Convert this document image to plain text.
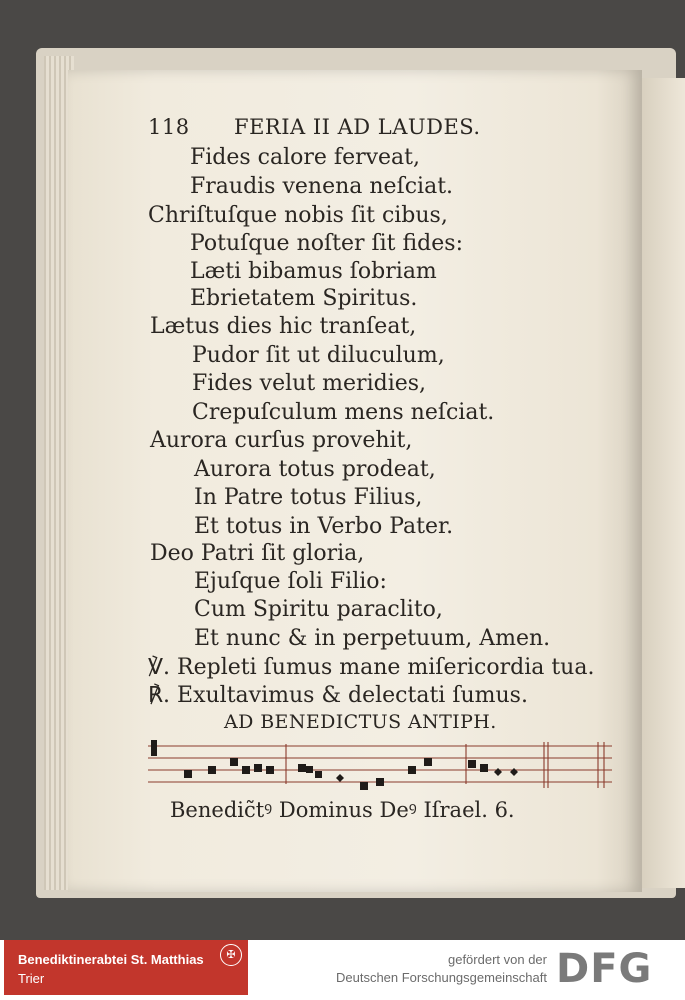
118 FERIA II AD LAUDES.
Fides calore ferveat,
Fraudis venena neſciat.
Chriſtuſque nobis ſit cibus,
Potuſque noſter ſit fides:
Læti bibamus ſobriam
Ebrietatem Spiritus.
Lætus dies hic tranſeat,
Pudor ſit ut diluculum,
Fides velut meridies,
Crepuſculum mens neſciat.
Aurora curſus provehit,
Aurora totus prodeat,
In Patre totus Filius,
Et totus in Verbo Pater.
Deo Patri ſit gloria,
Ejuſque ſoli Filio:
Cum Spiritu paraclito,
Et nunc & in perpetuum, Amen.
℣. Repleti ſumus mane miſericordia tua.
℟. Exultavimus & delectati ſumus.
AD BENEDICTUS ANTIPH.
Benedic̃tꝰ Dominus Deꝰ Iſrael. 6.
Benediktinerabtei St. Matthias
Trier
✠	gefördert von der
Deutschen Forschungsgemeinschaft DFG
